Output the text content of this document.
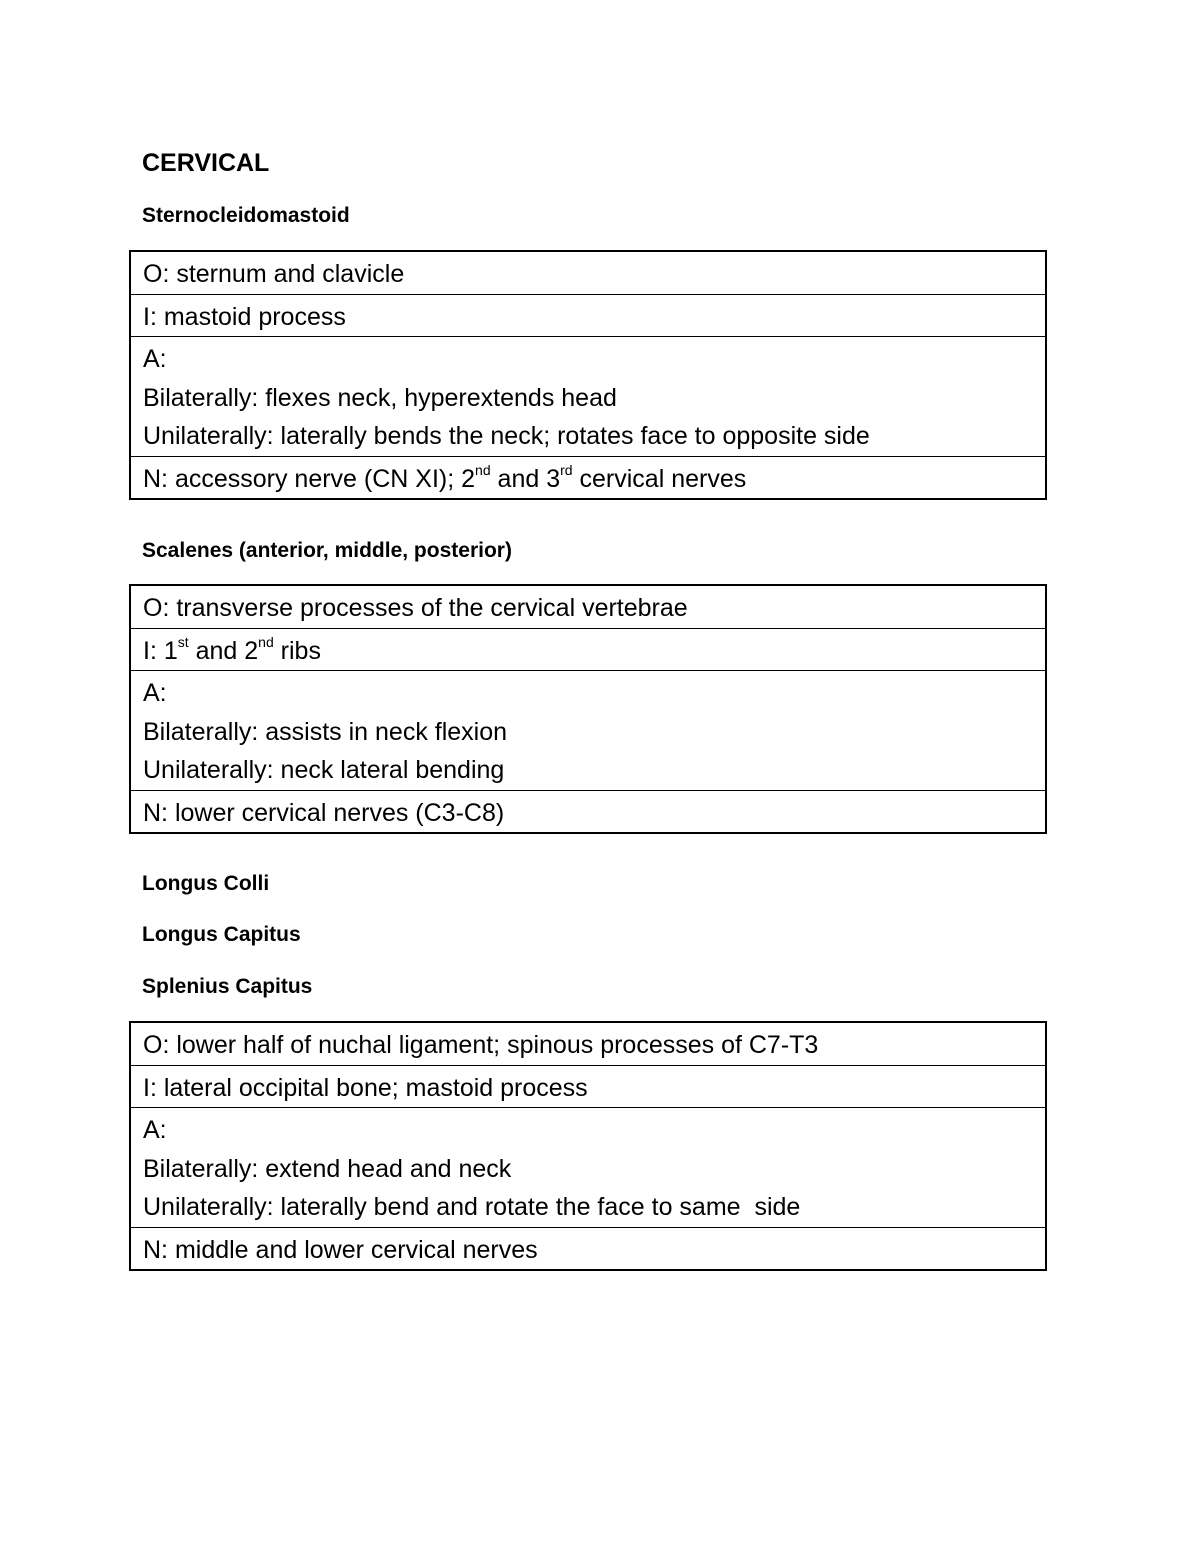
CERVICAL
Sternocleidomastoid
O: sternum and clavicle
I: mastoid process
A:
Bilaterally: flexes neck, hyperextends head
Unilaterally: laterally bends the neck; rotates face to opposite side
N: accessory nerve (CN XI); 2nd and 3rd cervical nerves
Scalenes (anterior, middle, posterior)
O: transverse processes of the cervical vertebrae
I: 1st and 2nd ribs
A:
Bilaterally: assists in neck flexion
Unilaterally: neck lateral bending
N: lower cervical nerves (C3-C8)
Longus Colli
Longus Capitus
Splenius Capitus
O: lower half of nuchal ligament; spinous processes of C7-T3
I: lateral occipital bone; mastoid process
A:
Bilaterally: extend head and neck
Unilaterally: laterally bend and rotate the face to same  side
N: middle and lower cervical nerves
